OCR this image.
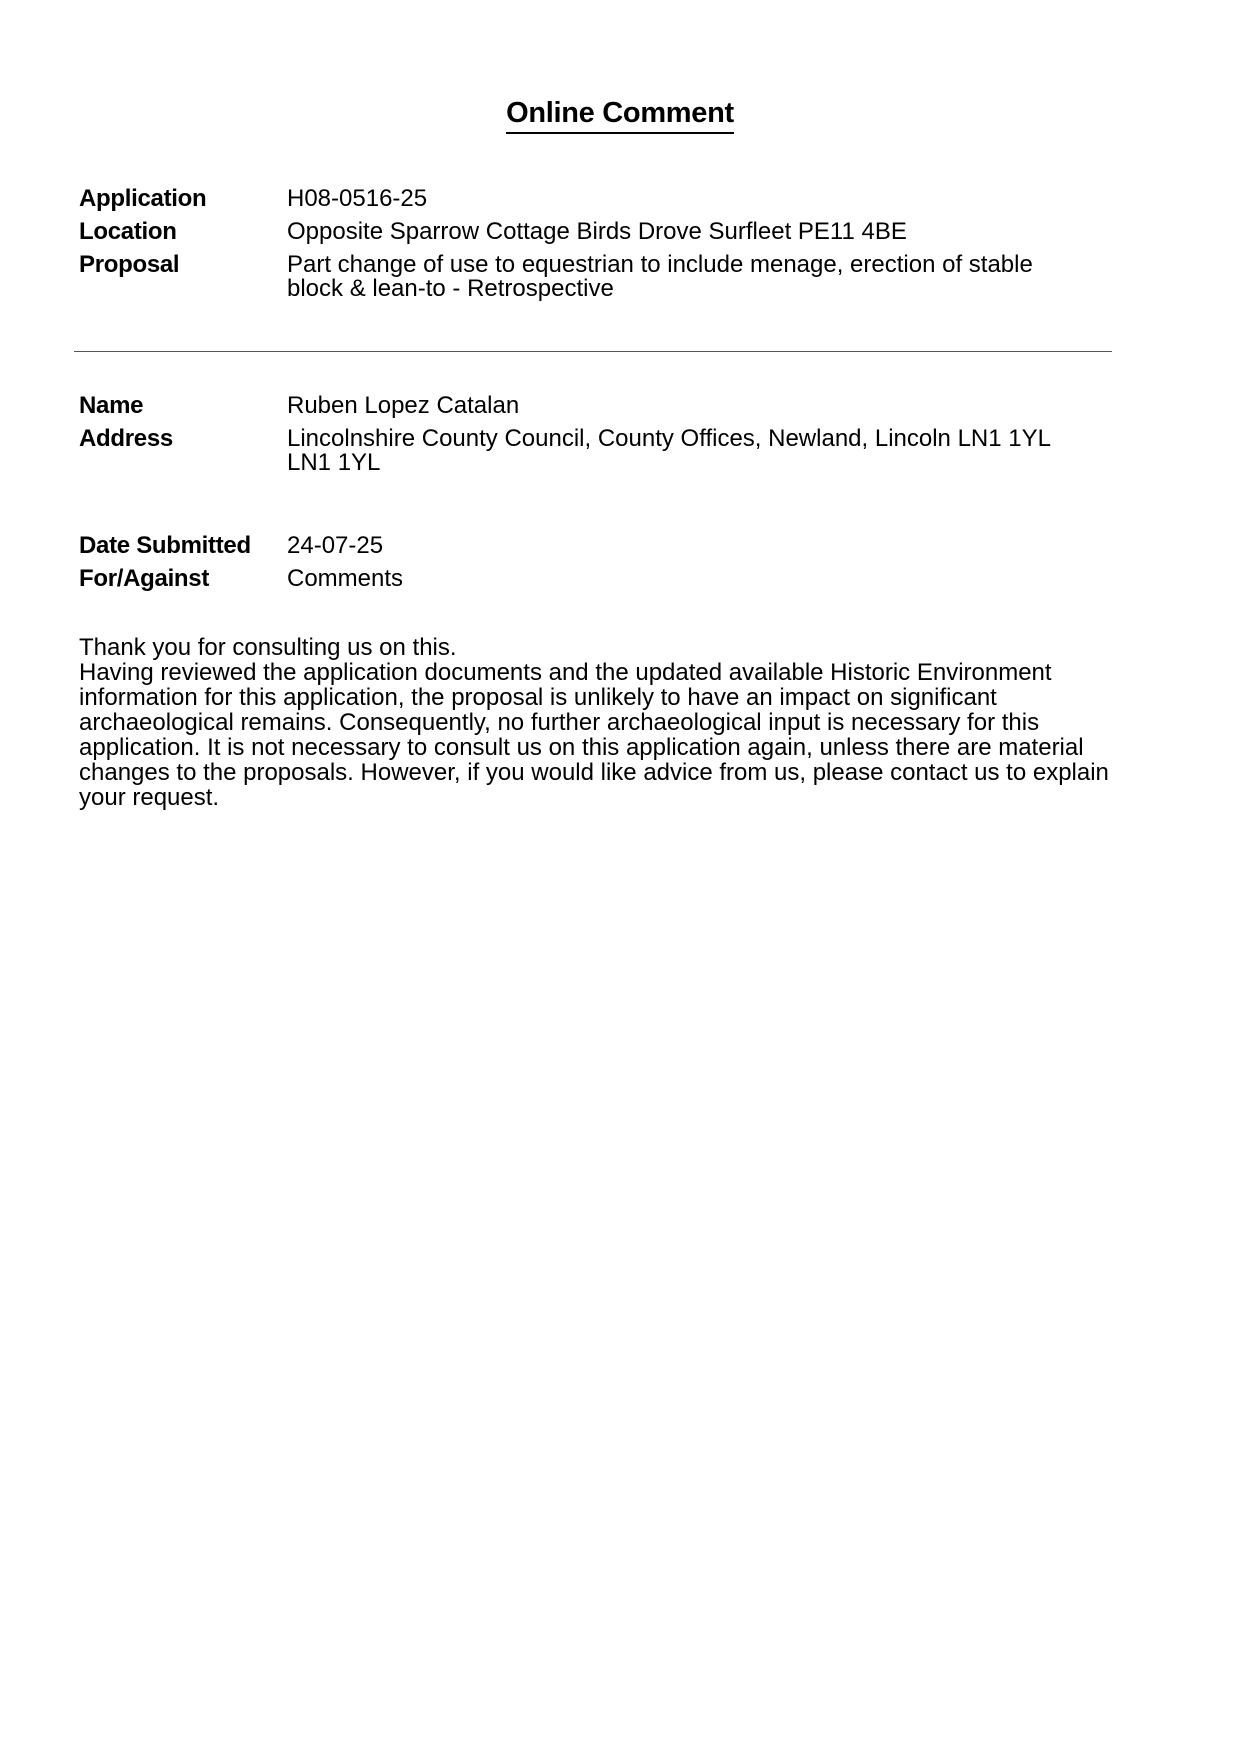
Online Comment
Application	H08-0516-25
Location	Opposite Sparrow Cottage Birds Drove Surfleet PE11 4BE
Proposal	Part change of use to equestrian to include menage, erection of stable
block & lean-to - Retrospective
Name	Ruben Lopez Catalan
Address	Lincolnshire County Council, County Offices, Newland, Lincoln LN1 1YL
LN1 1YL
Date Submitted	24-07-25
For/Against	Comments

Thank you for consulting us on this.

Having reviewed the application documents and the updated available Historic Environment information for this application, the proposal is unlikely to have an impact on significant archaeological remains. Consequently, no further archaeological input is necessary for this application. It is not necessary to consult us on this application again, unless there are material changes to the proposals. However, if you would like advice from us, please contact us to explain your request.
